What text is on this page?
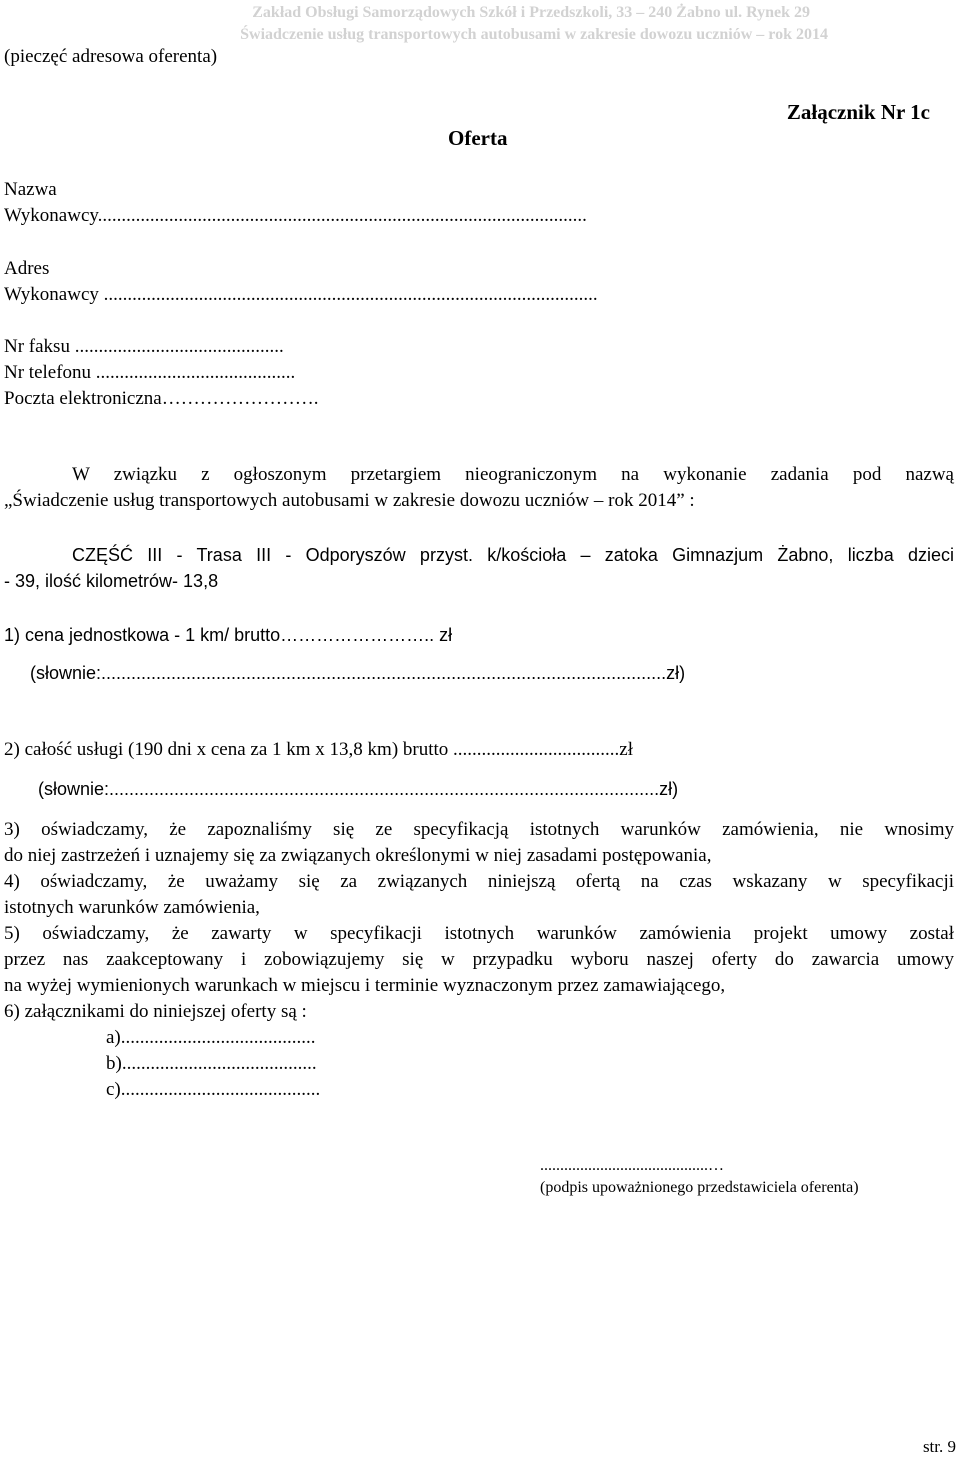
Zakład Obsługi Samorządowych Szkół i Przedszkoli, 33 – 240 Żabno ul. Rynek 29
Świadczenie usług transportowych autobusami w zakresie dowozu uczniów – rok 2014
(pieczęć adresowa oferenta)
Załącznik Nr 1c
Oferta
Nazwa
Wykonawcy.......................................................................................................
Adres
Wykonawcy ........................................................................................................
Nr faksu ............................................
Nr telefonu ..........................................
Poczta elektroniczna…………………….
W związku z ogłoszonym przetargiem nieograniczonym na wykonanie zadania pod nazwą
„Świadczenie usług transportowych autobusami w zakresie dowozu uczniów – rok 2014” :
CZĘŚĆ III - Trasa III - Odporyszów przyst. k/kościoła – zatoka Gimnazjum Żabno, liczba dzieci
- 39, ilość kilometrów- 13,8
1) cena jednostkowa - 1 km/ brutto…………………….. zł
(słownie:.................................................................................................................zł)
2) całość usługi (190 dni x cena za 1 km x 13,8 km) brutto ...................................zł
(słownie:..............................................................................................................zł)
3) oświadczamy, że zapoznaliśmy się ze specyfikacją istotnych warunków zamówienia, nie wnosimy
do niej zastrzeżeń i uznajemy się za związanych określonymi w niej zasadami postępowania,
4) oświadczamy, że uważamy się za związanych niniejszą ofertą na czas wskazany w specyfikacji
istotnych warunków zamówienia,
5) oświadczamy, że zawarty w specyfikacji istotnych warunków zamówienia projekt umowy został
przez nas zaakceptowany i zobowiązujemy się w przypadku wyboru naszej oferty do zawarcia umowy
na wyżej wymienionych warunkach w miejscu i terminie wyznaczonym przez zamawiającego,
6) załącznikami do niniejszej oferty są :
a).........................................
b).........................................
c)..........................................
..........................................…
(podpis upoważnionego przedstawiciela oferenta)
str. 9
